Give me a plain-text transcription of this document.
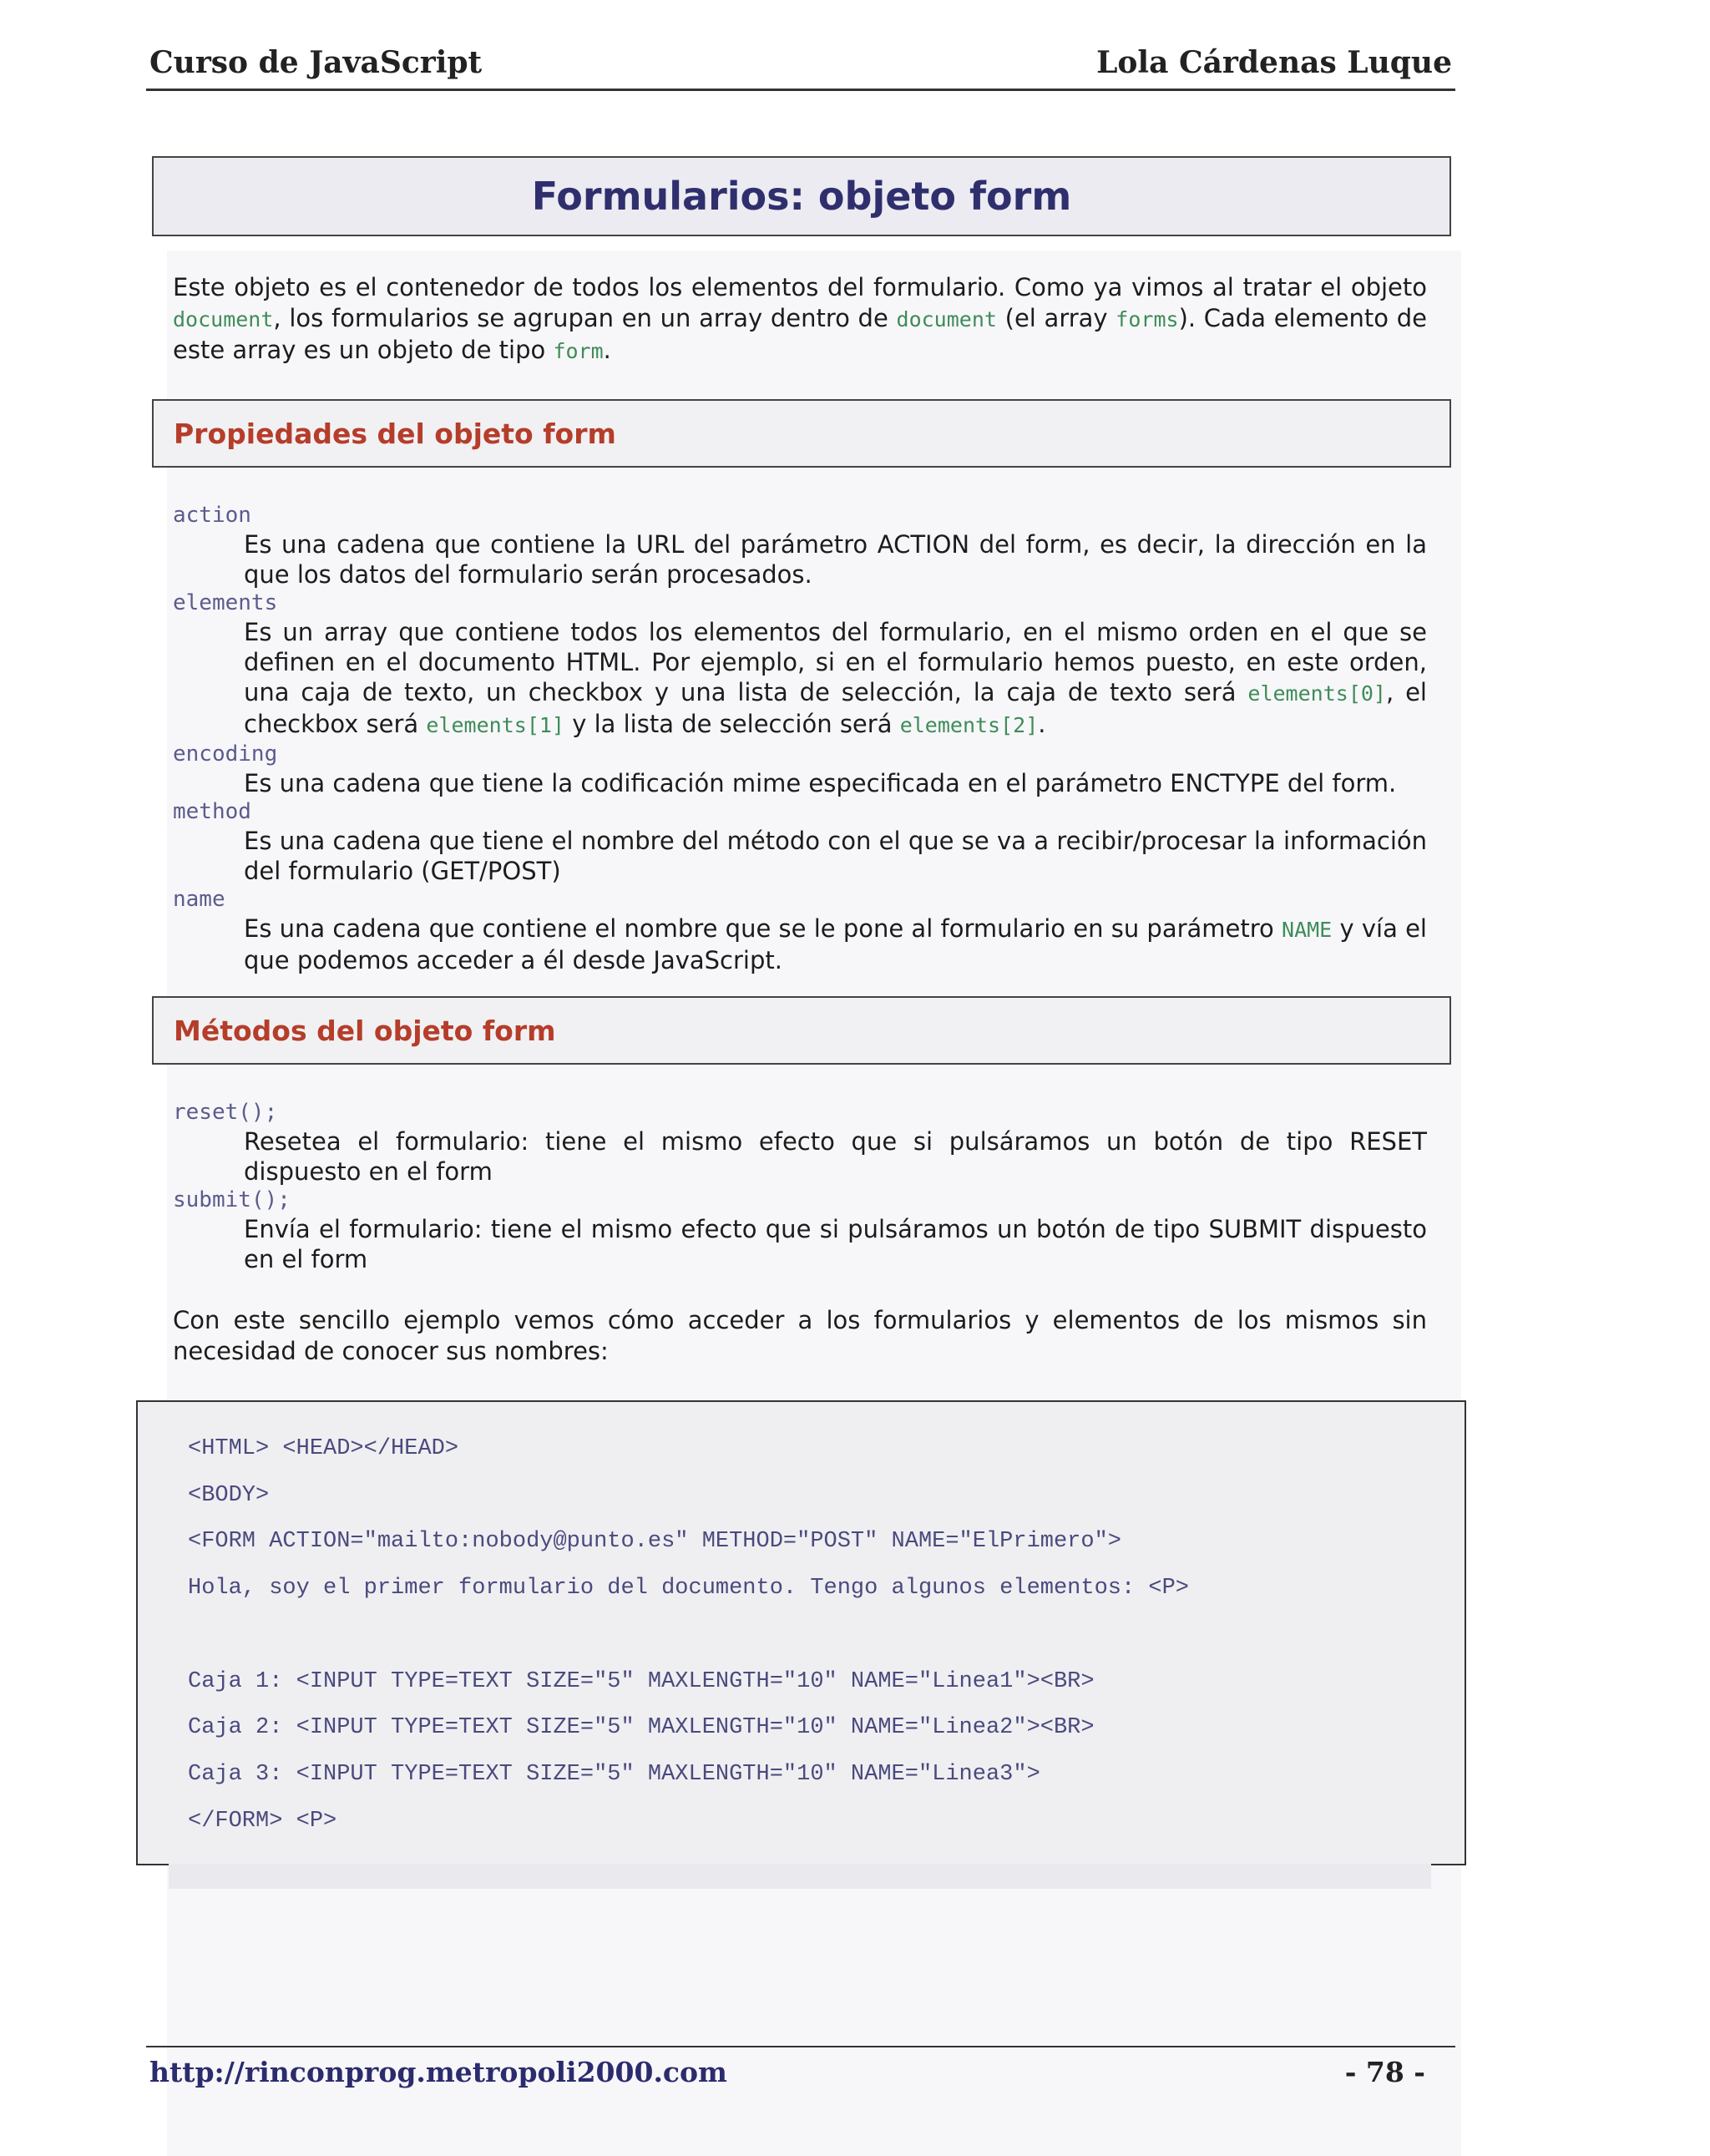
Curso de JavaScript	Lola Cárdenas Luque
Formularios: objeto form
Este objeto es el contenedor de todos los elementos del formulario. Como ya vimos al tratar el objeto document, los formularios se agrupan en un array dentro de document (el array forms). Cada elemento de este array es un objeto de tipo form.
Propiedades del objeto form
action
Es una cadena que contiene la URL del parámetro ACTION del form, es decir, la dirección en la que los datos del formulario serán procesados.
elements
Es un array que contiene todos los elementos del formulario, en el mismo orden en el que se definen en el documento HTML. Por ejemplo, si en el formulario hemos puesto, en este orden, una caja de texto, un checkbox y una lista de selección, la caja de texto será elements[0], el checkbox será elements[1] y la lista de selección será elements[2].
encoding
Es una cadena que tiene la codificación mime especificada en el parámetro ENCTYPE del form.
method
Es una cadena que tiene el nombre del método con el que se va a recibir/procesar la información del formulario (GET/POST)
name
Es una cadena que contiene el nombre que se le pone al formulario en su parámetro NAME y vía el que podemos acceder a él desde JavaScript.
Métodos del objeto form
reset();
Resetea el formulario: tiene el mismo efecto que si pulsáramos un botón de tipo RESET dispuesto en el form
submit();
Envía el formulario: tiene el mismo efecto que si pulsáramos un botón de tipo SUBMIT dispuesto en el form
Con este sencillo ejemplo vemos cómo acceder a los formularios y elementos de los mismos sin necesidad de conocer sus nombres:
<HTML> <HEAD></HEAD>
<BODY>
<FORM ACTION="mailto:nobody@punto.es" METHOD="POST" NAME="ElPrimero">
Hola, soy el primer formulario del documento. Tengo algunos elementos: <P>
Caja 1: <INPUT TYPE=TEXT SIZE="5" MAXLENGTH="10" NAME="Linea1"><BR>
Caja 2: <INPUT TYPE=TEXT SIZE="5" MAXLENGTH="10" NAME="Linea2"><BR>
Caja 3: <INPUT TYPE=TEXT SIZE="5" MAXLENGTH="10" NAME="Linea3">
</FORM> <P>
http://rinconprog.metropoli2000.com	- 78 -
